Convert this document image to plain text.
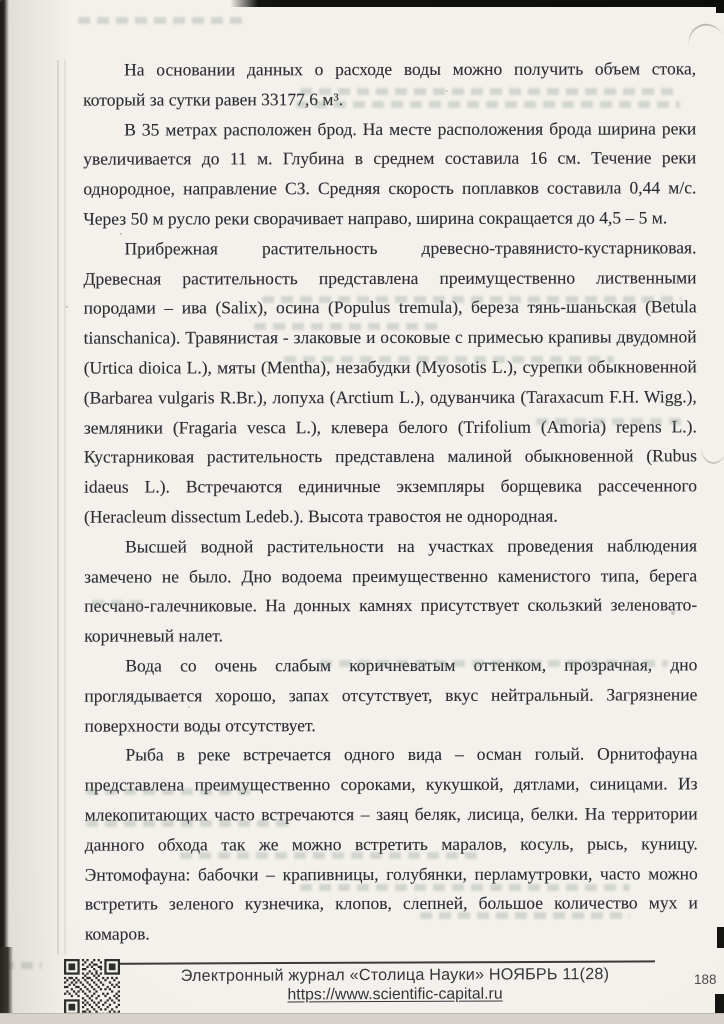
На основании данных о расходе воды можно получить объем стока, который за сутки равен 33177,6 м³.

В 35 метрах расположен брод. На месте расположения брода ширина реки увеличивается до 11 м. Глубина в среднем составила 16 см. Течение реки однородное, направление СЗ. Средняя скорость поплавков составила 0,44 м/с. Через 50 м русло реки сворачивает направо, ширина сокращается до 4,5 – 5 м.

Прибрежная растительность древесно-травянисто-кустарниковая. Древесная растительность представлена преимущественно лиственными породами – ива (Salix), осина (Populus tremula), береза тянь-шаньская (Betula tianschanica). Травянистая - злаковые и осоковые с примесью крапивы двудомной (Urtica dioica L.), мяты (Mentha), незабудки (Myosotis L.), сурепки обыкновенной (Barbarea vulgaris R.Br.), лопуха (Arctium L.), одуванчика (Taraxacum F.H. Wigg.), земляники (Fragaria vesca L.), клевера белого (Trifolium (Amoria) repens L.). Кустарниковая растительность представлена малиной обыкновенной (Rubus idaeus L.). Встречаются единичные экземпляры борщевика рассеченного (Heracleum dissectum Ledeb.). Высота травостоя не однородная.

Высшей водной растительности на участках проведения наблюдения замечено не было. Дно водоема преимущественно каменистого типа, берега песчано-галечниковые. На донных камнях присутствует скользкий зеленовато-коричневый налет.

Вода со очень слабым коричневатым оттенком, прозрачная, дно проглядывается хорошо, запах отсутствует, вкус нейтральный. Загрязнение поверхности воды отсутствует.

Рыба в реке встречается одного вида – осман голый. Орнитофауна представлена преимущественно сороками, кукушкой, дятлами, синицами. Из млекопитающих часто встречаются – заяц беляк, лисица, белки. На территории данного обхода так же можно встретить маралов, косуль, рысь, куницу. Энтомофауна: бабочки – крапивницы, голубянки, перламутровки, часто можно встретить зеленого кузнечика, клопов, слепней, большое количество мух и комаров.

Электронный журнал «Столица Науки» НОЯБРЬ 11(28)
https://www.scientific-capital.ru
188
